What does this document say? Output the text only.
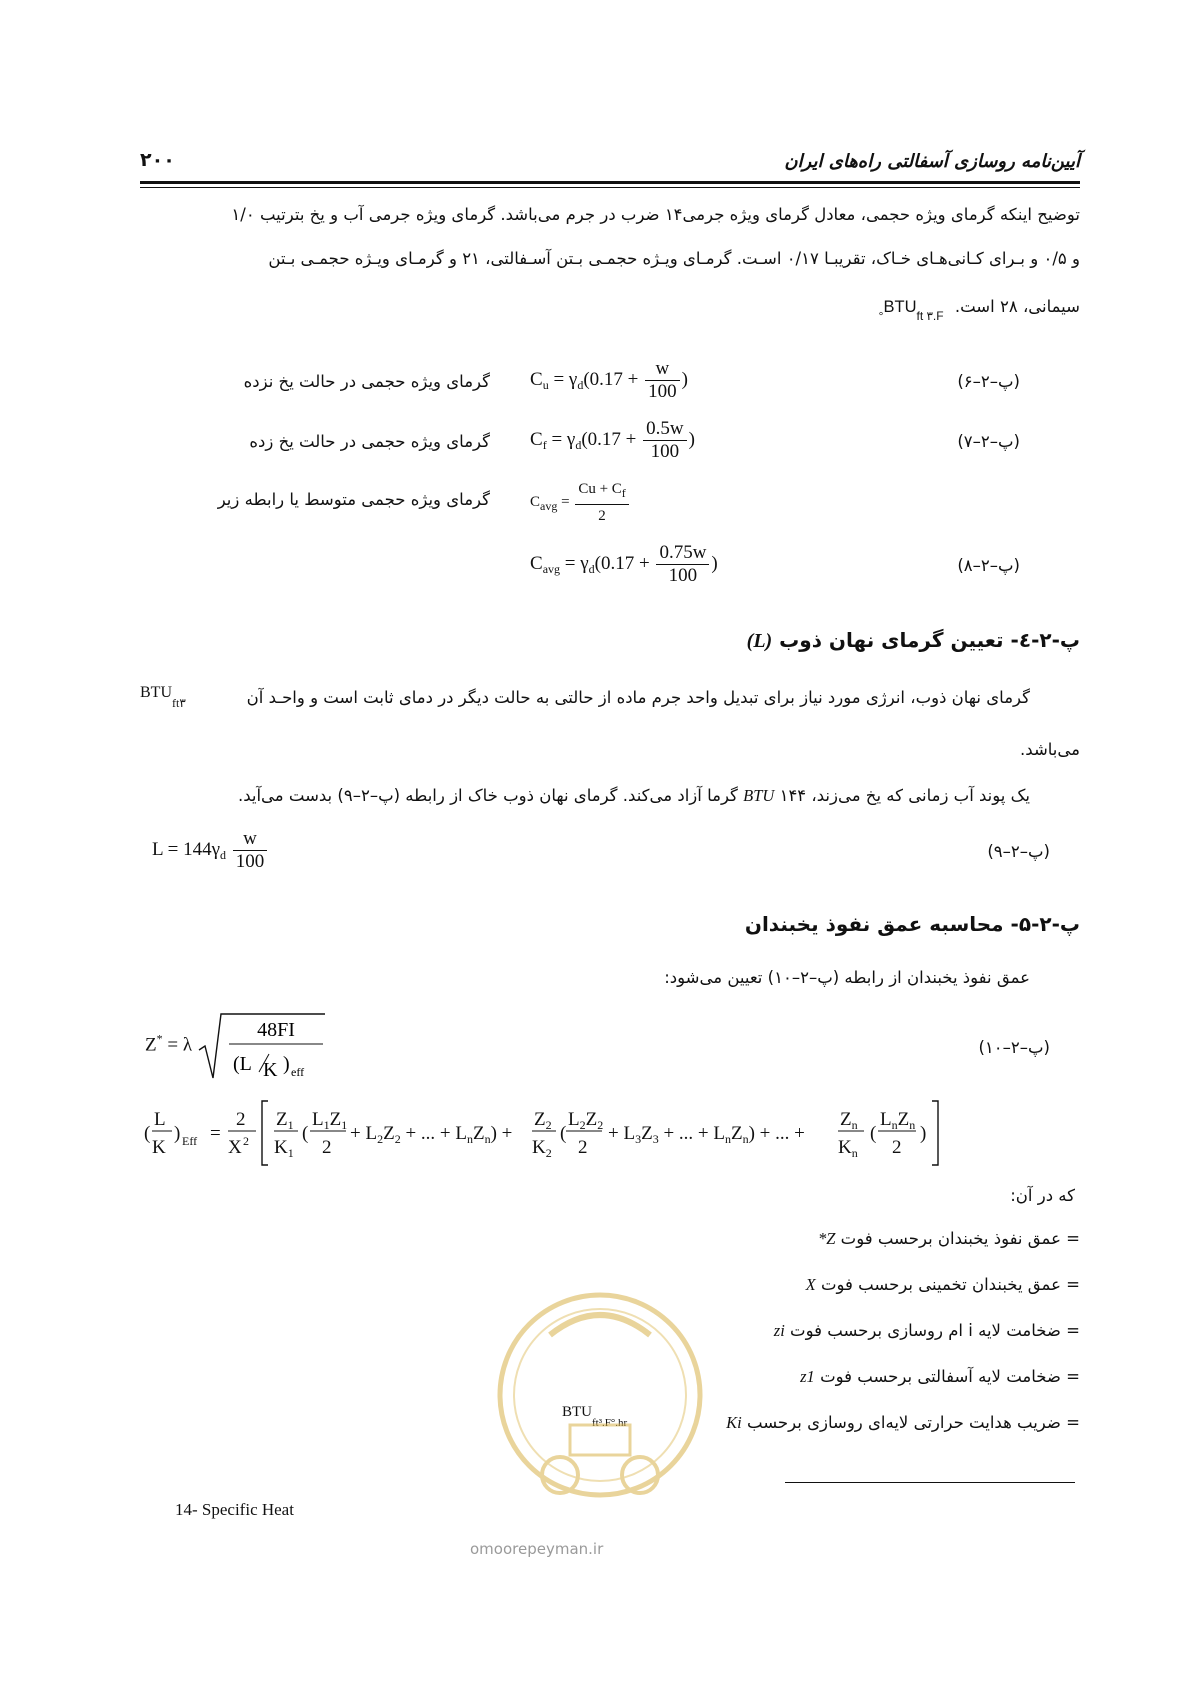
آیین‌نامه روسازی آسفالتی راه‌های ایران
۲۰۰
توضیح اینکه گرمای ویژه حجمی، معادل گرمای ویژه جرمی۱۴ ضرب در جرم می‌باشد. گرمای ویژه جرمی آب و یخ بترتیب ۱/۰
و ۰/۵ و بـرای کـانی‌هـای خـاک، تقریبـا ۰/۱۷ اسـت. گرمـای ویـژه حجمـی بـتن آسـفالتی، ۲۱ و گرمـای ویـژه حجمـی بـتن
سیمانی، ۲۸ است. $BTU_{ft ۳.F^\circ}$
گرمای ویژه حجمی در حالت یخ نزده $C_u = \gamma_d(0.17 + \frac{w}{100}$ )	(پ–۲–۶)
گرمای ویژه حجمی در حالت یخ زده $C_f = \gamma_d(0.17 + \frac{0.5w}{100}$ )	(پ–۲–۷)
گرمای ویژه حجمی متوسط یا رابطه زیر	$C_{avg} = \frac{Cu + C_f}{2}$
$C_{avg} = \gamma_d(0.17 + \frac{0.75w}{100}$ )	(پ–۲–۸)
پ-۲-٤- تعیین گرمای نهان ذوب (L)
گرمای نهان ذوب، انرژی مورد نیاز برای تبدیل واحد جرم ماده از حالتی به حالت دیگر در دمای ثابت است و واحـد آن
$BTU_{ft۳}$
می‌باشد.
یک پوند آب زمانی که یخ می‌زند، BTU ۱۴۴ گرما آزاد می‌کند. گرمای نهان ذوب خاک از رابطه (پ–۲–۹) بدست می‌آید.
$L = 144\gamma_d \frac{w}{100}$	(پ–۲–۹)
پ-۲-۵- محاسبه عمق نفوذ یخبندان
عمق نفوذ یخبندان از رابطه (پ–۲–۱۰) تعیین می‌شود:
Z* = λ
48FI
(L K ) eff
(پ–۲–۱۰)
(
L
K
) Eff =
2
X 2
$Z_1$
$K_1$
(
$L_1Z_1$
2
+ $L_2Z_2$ + ... + $L_nZ_n$) +
$Z_2$
$K_2$
(
$L_2Z_2$
2
+ $L_3Z_3$ + ... + $L_nZ_n$) + ... +
$Z_n$
$K_n$
(
$L_nZ_n$
2
)
که در آن:
= عمق نفوذ یخبندان برحسب فوت Z*
= عمق یخبندان تخمینی برحسب فوت X
= ضخامت لایه i ام روسازی برحسب فوت zi
= ضخامت لایه آسفالتی برحسب فوت z1
= ضریب هدایت حرارتی لایه‌ای روسازی برحسب Ki
$BTU_{ft^3.F^\circ.hr}$
omoorepeyman.ir
14- Specific Heat
